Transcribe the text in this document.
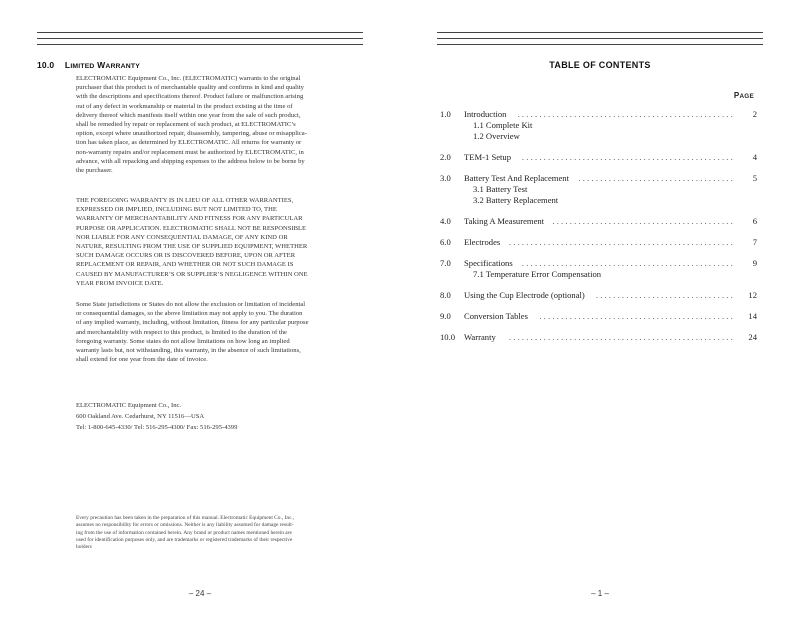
10.0 LIMITED WARRANTY
ELECTROMATIC Equipment Co., Inc. (ELECTROMATIC) warrants to the original
purchaser that this product is of merchantable quality and confirms in kind and quality
with the descriptions and specifications thereof. Product failure or malfunction arising
out of any defect in workmanship or material in the product existing at the time of
delivery thereof which manifests itself within one year from the sale of such product,
shall be remedied by repair or replacement of such product, at ELECTROMATIC’s
option, except where unauthorized repair, disassembly, tampering, abuse or misapplica-
tion has taken place, as determined by ELECTROMATIC. All returns for warranty or
non-warranty repairs and/or replacement must be authorized by ELECTROMATIC, in
advance, with all repacking and shipping expenses to the address below to be borne by
the purchaser.
THE FOREGOING WARRANTY IS IN LIEU OF ALL OTHER WARRANTIES,
EXPRESSED OR IMPLIED, INCLUDING BUT NOT LIMITED TO, THE
WARRANTY OF MERCHANTABILITY AND FITNESS FOR ANY PARTICULAR
PURPOSE OR APPLICATION. ELECTROMATIC SHALL NOT BE RESPONSIBLE
NOR LIABLE FOR ANY CONSEQUENTIAL DAMAGE, OF ANY KIND OR
NATURE, RESULTING FROM THE USE OF SUPPLIED EQUIPMENT, WHETHER
SUCH DAMAGE OCCURS OR IS DISCOVERED BEFORE, UPON OR AFTER
REPLACEMENT OR REPAIR, AND WHETHER OR NOT SUCH DAMAGE IS
CAUSED BY MANUFACTURER’S OR SUPPLIER’S NEGLIGENCE WITHIN ONE
YEAR FROM INVOICE DATE.
Some State jurisdictions or States do not allow the exclusion or limitation of incidental
or consequential damages, so the above limitation may not apply to you. The duration
of any implied warranty, including, without limitation, fitness for any particular purpose
and merchantability with respect to this product, is limited to the duration of the
foregoing warranty. Some states do not allow limitations on how long an implied
warranty lasts but, not withstanding, this warranty, in the absence of such limitations,
shall extend for one year from the date of invoice.
ELECTROMATIC Equipment Co., Inc.
600 Oakland Ave. Cedarhurst, NY 11516—USA
Tel: 1-800-645-4330/ Tel: 516-295-4300/ Fax: 516-295-4399
Every precaution has been taken in the preparation of this manual. Electromatic Equipment Co., Inc.,
assumes no responsibility for errors or omissions. Neither is any liability assumed for damage result-
ing from the use of information contained herein. Any brand or product names mentioned herein are
used for identification purposes only, and are trademarks or registered trademarks of their respective
holders
– 24 –
TABLE OF CONTENTS
PAGE
1.0 Introduction	.................................................. 2
1.1 Complete Kit
1.2 Overview
2.0 TEM-1 Setup	................................................. 4
3.0 Battery Test And Replacement	.................................... 5
3.1 Battery Test
3.2 Battery Replacement
4.0 Taking A Measurement .......................................... 6
6.0 Electrodes .................................................... 7
7.0 Specifications	................................................. 9
7.1 Temperature Error Compensation
8.0 Using the Cup Electrode (optional)	................................ 12
9.0 Conversion Tables	............................................. 14
10.0 Warranty	.................................................... 24
– 1 –
